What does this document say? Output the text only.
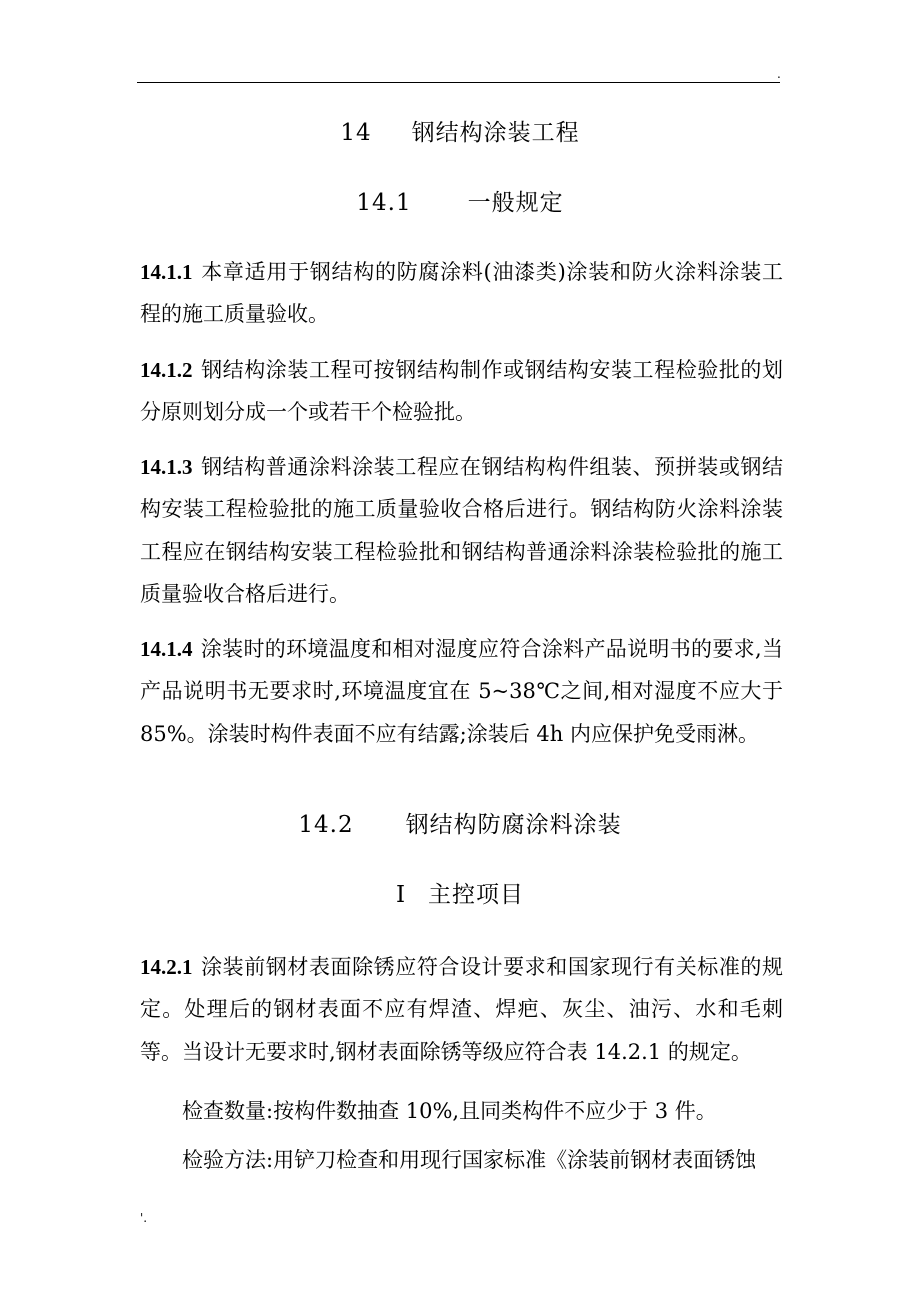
.
14 钢结构涂装工程
14.1 一般规定

14.1.1 本章适用于钢结构的防腐涂料(油漆类)涂装和防火涂料涂装工程的施工质量验收。

14.1.2 钢结构涂装工程可按钢结构制作或钢结构安装工程检验批的划分原则划分成一个或若干个检验批。

14.1.3 钢结构普通涂料涂装工程应在钢结构构件组装、预拼装或钢结构安装工程检验批的施工质量验收合格后进行。钢结构防火涂料涂装工程应在钢结构安装工程检验批和钢结构普通涂料涂装检验批的施工质量验收合格后进行。

14.1.4 涂装时的环境温度和相对湿度应符合涂料产品说明书的要求,当产品说明书无要求时,环境温度宜在 5~38℃之间,相对湿度不应大于 85%。涂装时构件表面不应有结露;涂装后 4h 内应保护免受雨淋。

14.2 钢结构防腐涂料涂装
Ⅰ 主控项目

14.2.1 涂装前钢材表面除锈应符合设计要求和国家现行有关标准的规定。处理后的钢材表面不应有焊渣、焊疤、灰尘、油污、水和毛刺等。当设计无要求时,钢材表面除锈等级应符合表 14.2.1 的规定。

检查数量:按构件数抽查 10%,且同类构件不应少于 3 件。

检验方法:用铲刀检查和用现行国家标准《涂装前钢材表面锈蚀

'.
